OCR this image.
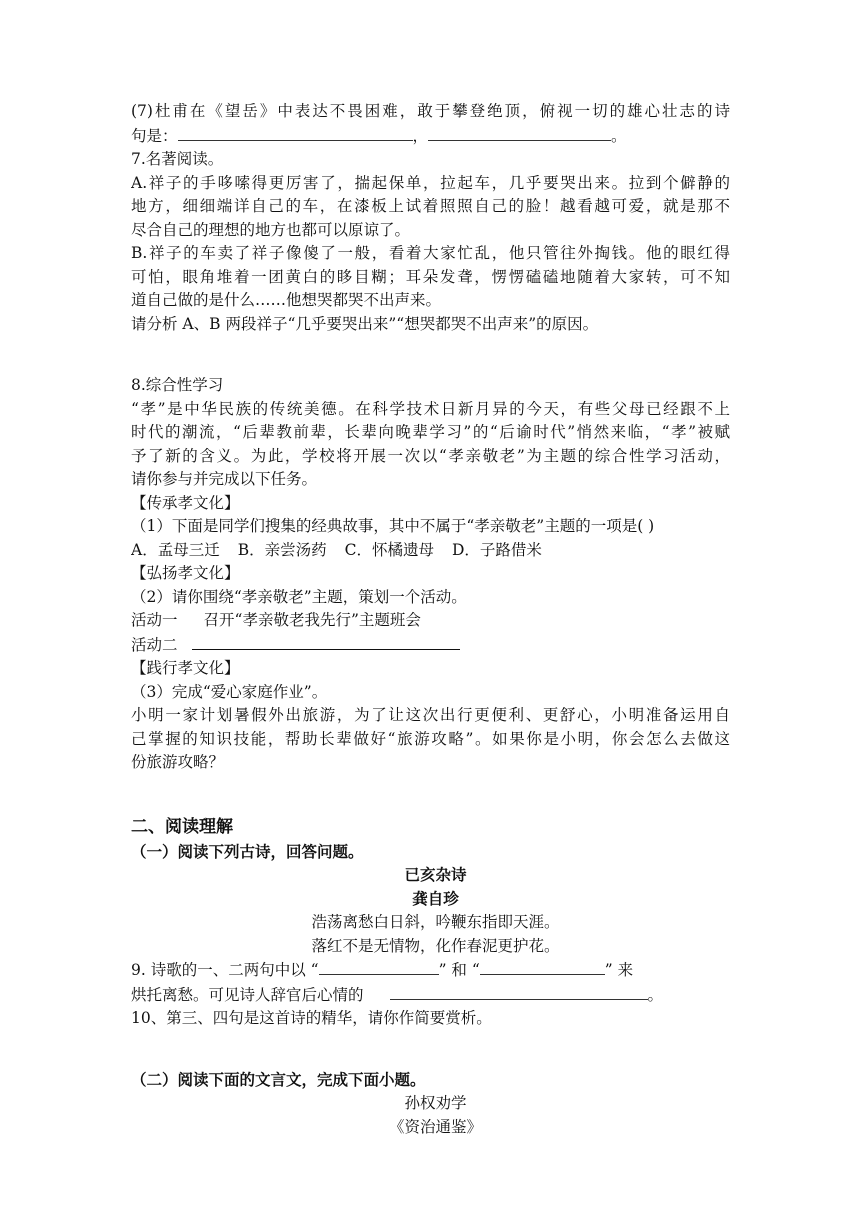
(7)杜甫在《望岳》中表达不畏困难，敢于攀登绝顶，俯视一切的雄心壮志的诗
句是：	，	。
7.名著阅读。
A.祥子的手哆嗦得更厉害了，揣起保单，拉起车，几乎要哭出来。拉到个僻静的
地方，细细端详自己的车，在漆板上试着照照自己的脸！越看越可爱，就是那不
尽合自己的理想的地方也都可以原谅了。
B.祥子的车卖了祥子像傻了一般，看着大家忙乱，他只管往外掏钱。他的眼红得
可怕，眼角堆着一团黄白的眵目糊；耳朵发聋，愣愣磕磕地随着大家转，可不知
道自己做的是什么……他想哭都哭不出声来。
请分析 A、B 两段祥子“几乎要哭出来”“想哭都哭不出声来”的原因。
8.综合性学习
“孝”是中华民族的传统美德。在科学技术日新月异的今天，有些父母已经跟不上
时代的潮流，“后辈教前辈，长辈向晚辈学习”的“后谕时代”悄然来临，“孝”被赋
予了新的含义。为此，学校将开展一次以“孝亲敬老”为主题的综合性学习活动，
请你参与并完成以下任务。
【传承孝文化】
（1）下面是同学们搜集的经典故事，其中不属于“孝亲敬老”主题的一项是( )
A．孟母三迁 B．亲尝汤药 C．怀橘遗母 D．子路借米
【弘扬孝文化】
（2）请你围绕“孝亲敬老”主题，策划一个活动。
活动一 召开“孝亲敬老我先行”主题班会
活动二
【践行孝文化】
（3）完成“爱心家庭作业”。
小明一家计划暑假外出旅游，为了让这次出行更便利、更舒心，小明准备运用自
己掌握的知识技能，帮助长辈做好“旅游攻略”。如果你是小明，你会怎么去做这
份旅游攻略？
二、阅读理解
（一）阅读下列古诗，回答问题。
已亥杂诗
龚自珍
浩荡离愁白日斜，吟鞭东指即天涯。
落红不是无情物，化作春泥更护花。
9. 诗歌的一、二两句中以 “	” 和 “	” 来
烘托离愁。可见诗人辞官后心情的	。
10、第三、四句是这首诗的精华，请你作简要赏析。
（二）阅读下面的文言文，完成下面小题。
孙权劝学
《资治通鉴》
